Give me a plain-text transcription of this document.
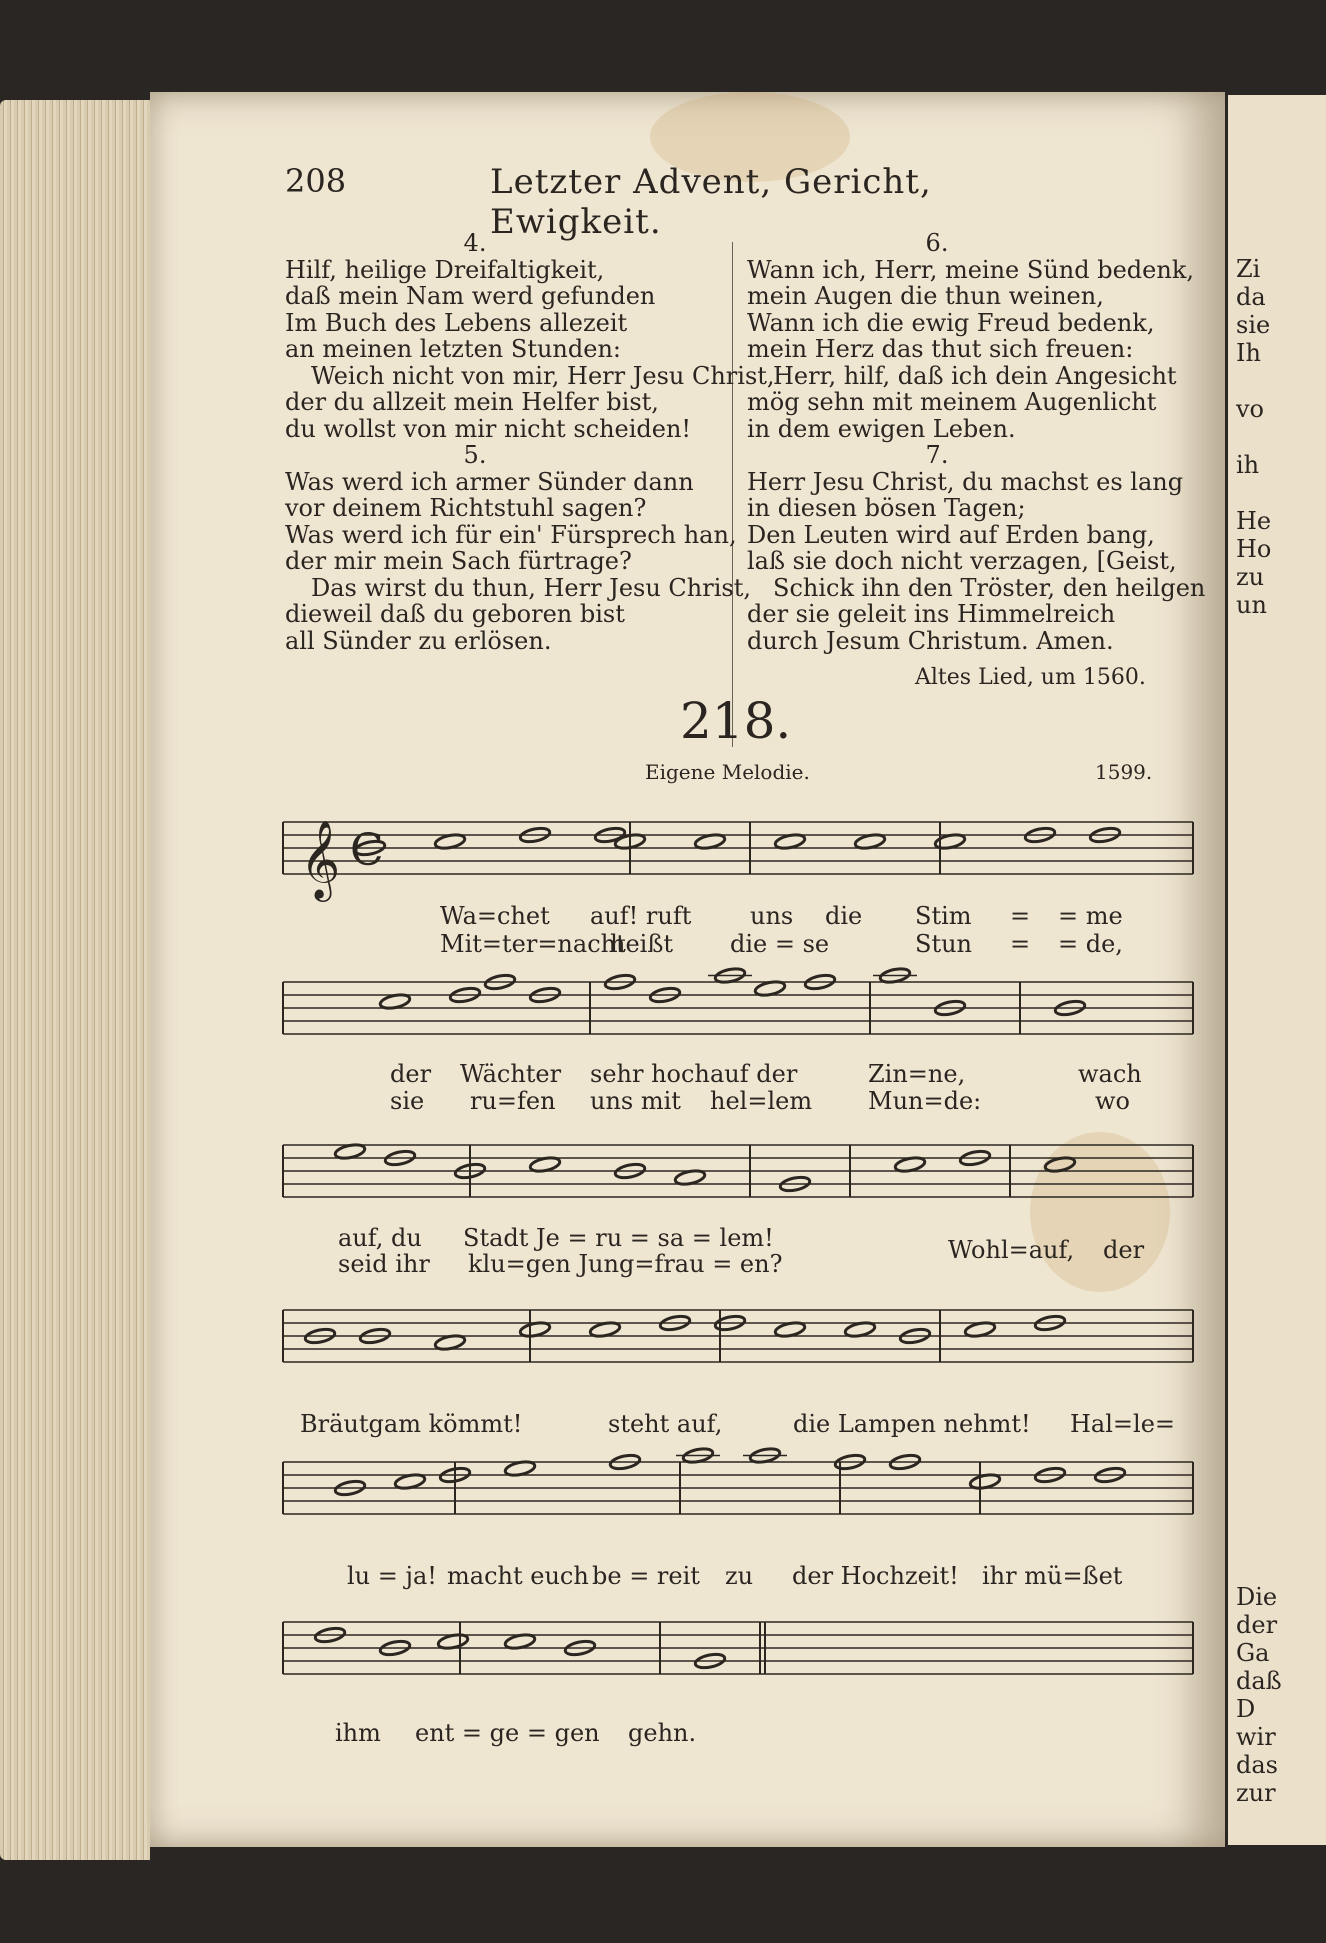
Zi
da
sie
Ih
vo
ih
He
Ho
zu
un
Die
der
Ga
daß
D
wir
das
zur
208	Letzter Advent, Gericht, Ewigkeit.
4.
Hilf, heilige Dreifaltigkeit,
daß mein Nam werd gefunden
Im Buch des Lebens allezeit
an meinen letzten Stunden:
Weich nicht von mir, Herr Jesu Christ,
der du allzeit mein Helfer bist,
du wollst von mir nicht scheiden!
5.
Was werd ich armer Sünder dann
vor deinem Richtstuhl sagen?
Was werd ich für ein' Fürsprech han,
der mir mein Sach fürtrage?
Das wirst du thun, Herr Jesu Christ,
dieweil daß du geboren bist
all Sünder zu erlösen.
6.
Wann ich, Herr, meine Sünd bedenk,
mein Augen die thun weinen,
Wann ich die ewig Freud bedenk,
mein Herz das thut sich freuen:
Herr, hilf, daß ich dein Angesicht
mög sehn mit meinem Augenlicht
in dem ewigen Leben.
7.
Herr Jesu Christ, du machst es lang
in diesen bösen Tagen;
Den Leuten wird auf Erden bang,
laß sie doch nicht verzagen, [Geist,
Schick ihn den Tröster, den heilgen
der sie geleit ins Himmelreich
durch Jesum Christum. Amen.
Altes Lied, um 1560.
218.
Eigene Melodie.	1599.
𝄞 C
Wa=chet auf! ruft uns die Stim = = me
Mit=ter=nacht
heißt die = se	Stun = = de,
der Wächter sehr hoch auf der	Zin=ne,	wach
sie ru=fen uns mit hel=lem Mun=de:	wo
auf, du Stadt Je = ru = sa = lem!
seid ihr klu=gen Jung=frau = en?	Wohl=auf, der
Bräutgam kömmt!	steht auf,	die Lampen nehmt! Hal=le=
lu = ja! macht euch be = reit zu der Hochzeit! ihr mü=ßet
ihm ent = ge = gen gehn.
